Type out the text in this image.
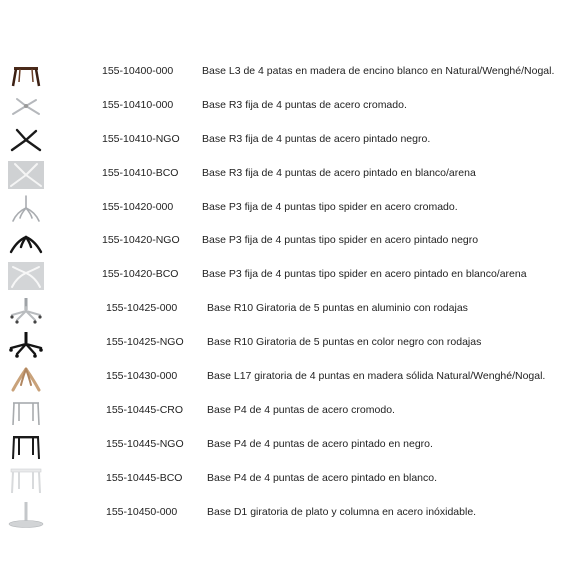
155-10400-000	Base L3 de 4 patas en madera de encino blanco en Natural/Wenghé/Nogal.
155-10410-000	Base R3 fija de 4 puntas de acero cromado.
155-10410-NGO Base R3 fija de 4 puntas de acero pintado negro.
155-10410-BCO Base R3 fija de 4 puntas de acero pintado en blanco/arena
155-10420-000	Base P3 fija de 4 puntas tipo spider en acero cromado.
155-10420-NGO Base P3 fija de 4 puntas tipo spider en acero pintado negro
155-10420-BCO Base P3 fija de 4 puntas tipo spider en acero pintado en blanco/arena
155-10425-000	Base R10 Giratoria de 5 puntas en aluminio con rodajas
155-10425-NGO Base R10 Giratoria de 5 puntas en color negro con rodajas
155-10430-000	Base L17 giratoria de 4 puntas en madera sólida Natural/Wenghé/Nogal.
155-10445-CRO Base P4 de 4 puntas de acero cromodo.
155-10445-NGO Base P4 de 4 puntas de acero pintado en negro.
155-10445-BCO Base P4 de 4 puntas de acero pintado en blanco.
155-10450-000	Base D1 giratoria de plato y columna en acero inóxidable.
